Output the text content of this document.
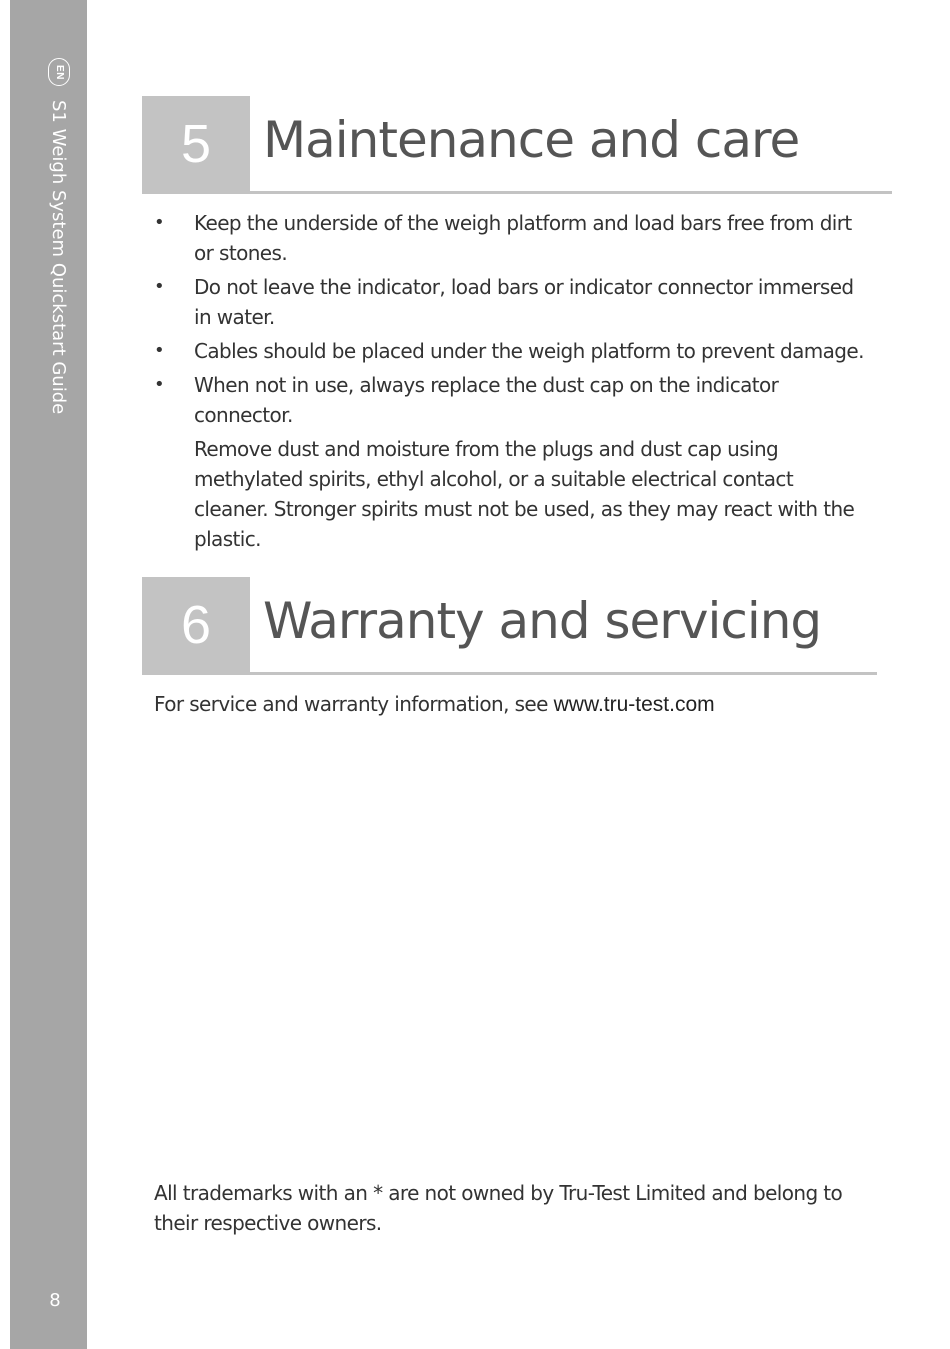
EN
S1 Weigh System Quickstart Guide
8
5	Maintenance and care
• Keep the underside of the weigh platform and load bars free from dirt or stones.
• Do not leave the indicator, load bars or indicator connector immersed in water.
• Cables should be placed under the weigh platform to prevent damage.
• When not in use, always replace the dust cap on the indicator connector.
Remove dust and moisture from the plugs and dust cap using methylated spirits, ethyl alcohol, or a suitable electrical contact cleaner. Stronger spirits must not be used, as they may react with the plastic.
6	Warranty and servicing

For service and warranty information, see www.tru-test.com

All trademarks with an * are not owned by Tru-Test Limited and belong to their respective owners.
